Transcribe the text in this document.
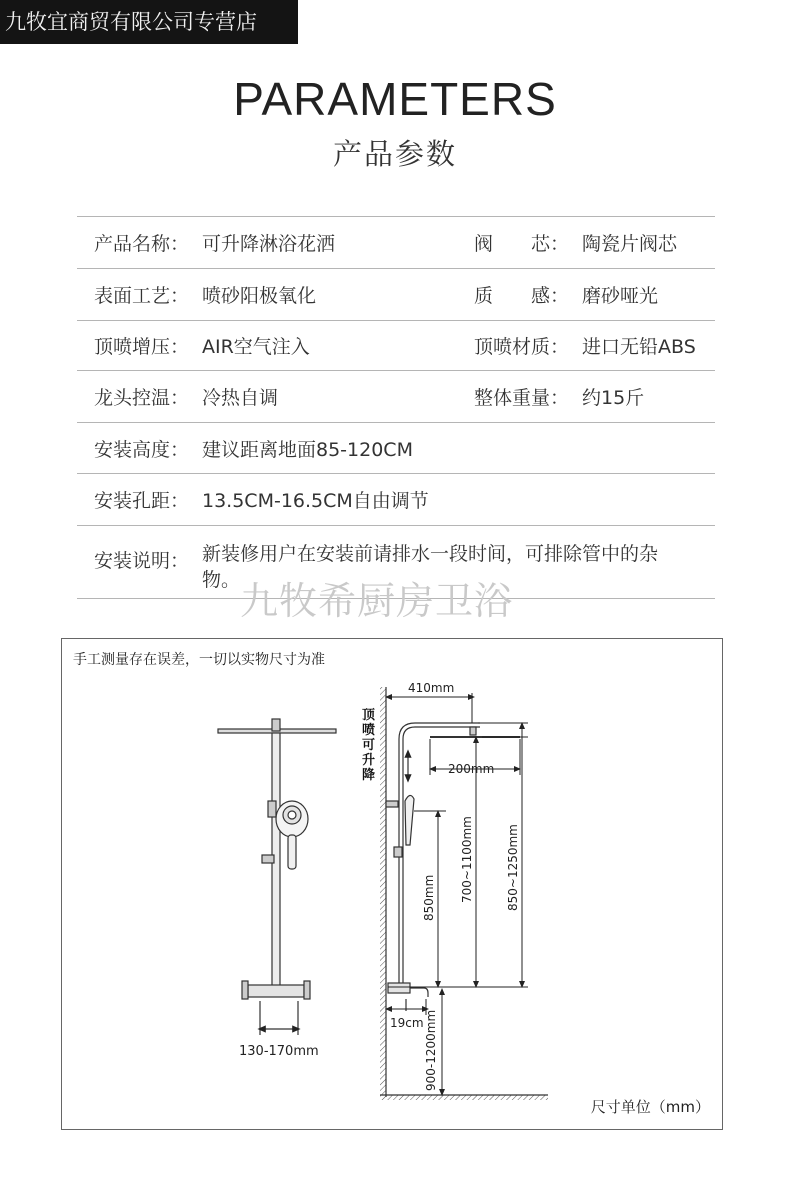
九牧宜商贸有限公司专营店
PARAMETERS
产品参数
产品名称： 可升降淋浴花洒	阀　　芯： 陶瓷片阀芯
表面工艺： 喷砂阳极氧化	质　　感： 磨砂哑光
顶喷增压： AIR空气注入	顶喷材质： 进口无铅ABS
龙头控温： 冷热自调	整体重量： 约15斤
安装高度： 建议距离地面85-120CM
安装孔距： 13.5CM-16.5CM自由调节
安装说明： 新装修用户在安装前请排水一段时间，可排除管中的杂物。 九牧希厨房卫浴
手工测量存在误差，一切以实物尺寸为准
130-170mm
顶
喷
可
升
降
410mm
200mm
850mm 700~1100mm	850~1250mm
900-1200mm
19cm
尺寸单位（mm）
